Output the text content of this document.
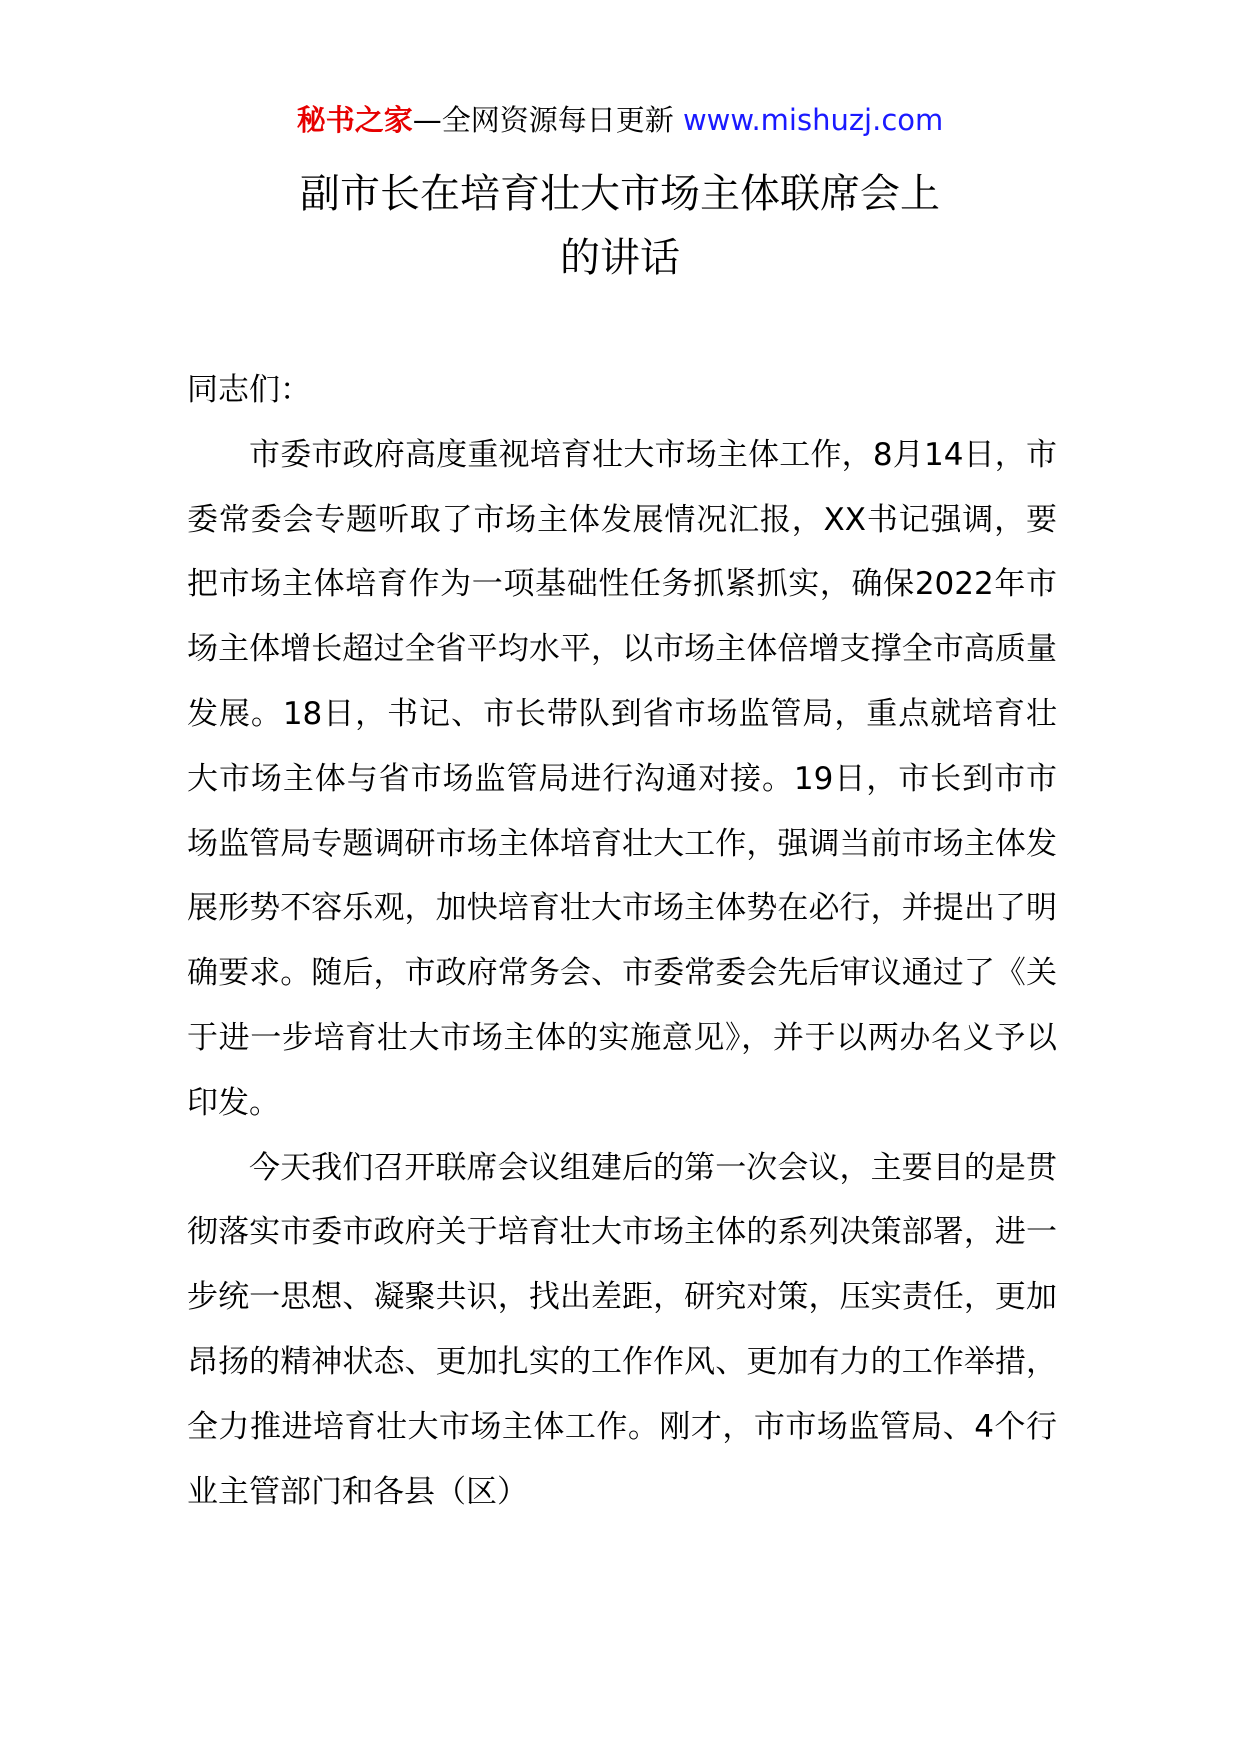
秘书之家—全网资源每日更新 www.mishuzj.com
副市长在培育壮大市场主体联席会上
的讲话

同志们：

市委市政府高度重视培育壮大市场主体工作，8月14日，市委常委会专题听取了市场主体发展情况汇报，XX书记强调，要把市场主体培育作为一项基础性任务抓紧抓实，确保2022年市场主体增长超过全省平均水平，以市场主体倍增支撑全市高质量发展。18日，书记、市长带队到省市场监管局，重点就培育壮大市场主体与省市场监管局进行沟通对接。19日，市长到市市场监管局专题调研市场主体培育壮大工作，强调当前市场主体发展形势不容乐观，加快培育壮大市场主体势在必行，并提出了明确要求。随后，市政府常务会、市委常委会先后审议通过了《关于进一步培育壮大市场主体的实施意见》，并于以两办名义予以印发。

今天我们召开联席会议组建后的第一次会议，主要目的是贯彻落实市委市政府关于培育壮大市场主体的系列决策部署，进一步统一思想、凝聚共识，找出差距，研究对策，压实责任，更加昂扬的精神状态、更加扎实的工作作风、更加有力的工作举措，全力推进培育壮大市场主体工作。刚才，市市场监管局、4个行业主管部门和各县（区）
